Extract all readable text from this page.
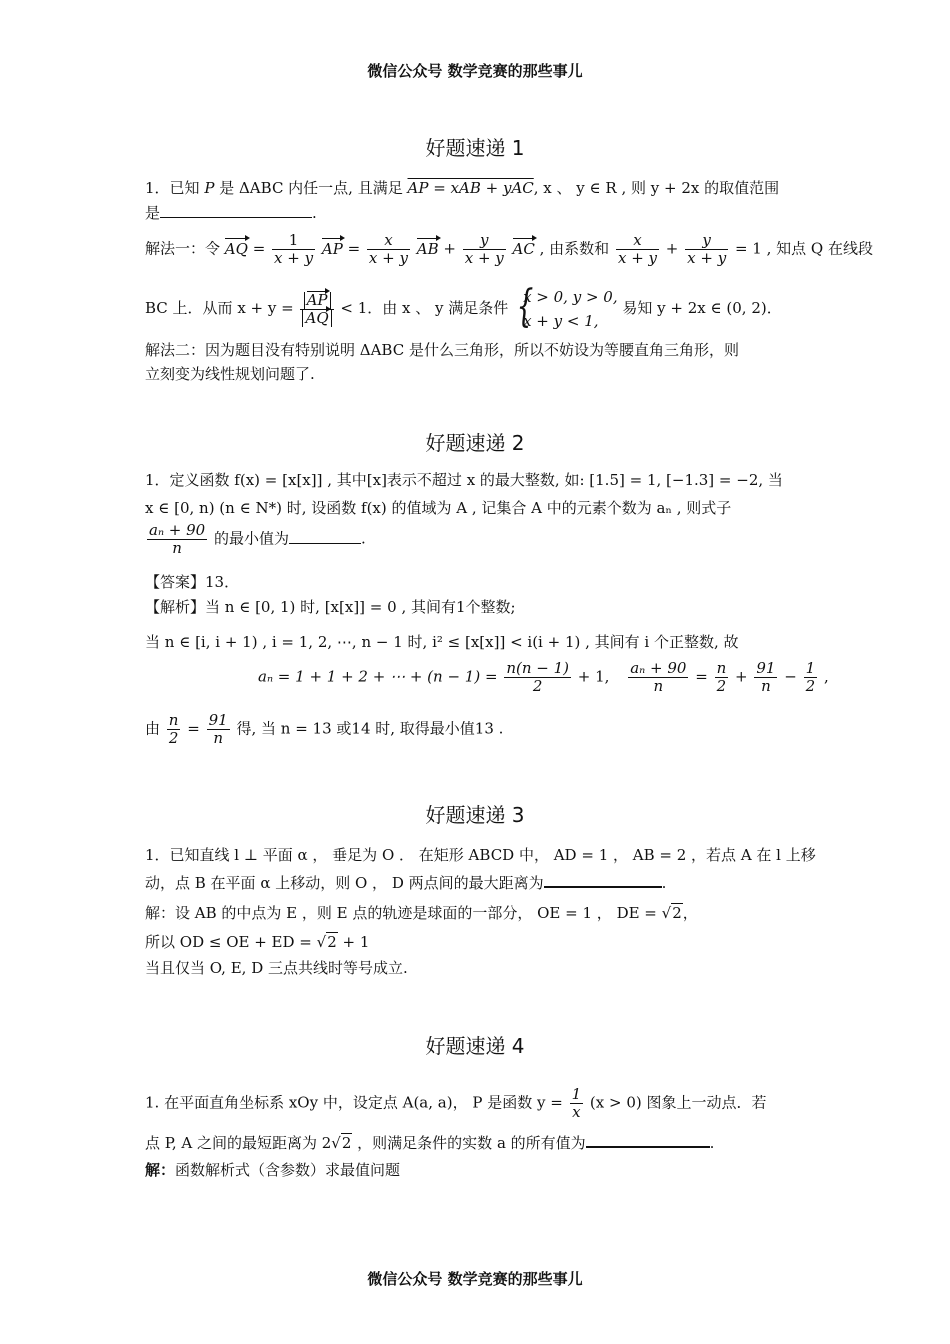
微信公众号 数学竞赛的那些事儿
好题速递 1
1．已知 P 是 ΔABC 内任一点, 且满足 AP = xAB + yAC, x 、 y ∈ R , 则 y + 2x 的取值范围
是	.
解法一：令 AQ = $\frac{1}{x + y}$ AP = $\frac{x}{x + y}$ AB + $\frac{y}{x + y}$ AC , 由系数和 $\frac{x}{x + y} + \frac{y}{x + y} = 1$ , 知点 Q 在线段
BC 上．从而 $x + y = \frac{AP}{AQ} < 1$．由 x 、 y 满足条件
{ x > 0, y > 0,
x + y < 1,
易知 y + 2x ∈ (0, 2)．
解法二：因为题目没有特别说明 ΔABC 是什么三角形，所以不妨设为等腰直角三角形，则
立刻变为线性规划问题了.
好题速递 2
1．定义函数 f(x) = [x[x]] , 其中[x]表示不超过 x 的最大整数, 如: [1.5] = 1, [−1.3] = −2, 当
x ∈ [0, n) (n ∈ N*) 时, 设函数 f(x) 的值域为 A , 记集合 A 中的元素个数为 aₙ , 则式子
$\frac{\text{aₙ + 90}}{n}$ 的最小值为	.
【答案】13．
【解析】当 n ∈ [0, 1) 时, [x[x]] = 0 , 其间有1个整数;
当 n ∈ [i, i + 1) , i = 1, 2, ⋯, n − 1 时, i² ≤ [x[x]] < i(i + 1) , 其间有 i 个正整数, 故
aₙ = 1 + 1 + 2 + ⋯ + $(n - 1) = \frac{n(n - 1)}{2} + 1$, $\frac{\text{aₙ + 90}}{n} = \frac{n}{2} + \frac{91}{n} - \frac{1}{2}$ ,
由 $\frac{n}{2} = \frac{91}{n}$ 得, 当 n = 13 或14 时, 取得最小值13 .
好题速递 3
1．已知直线 l ⊥ 平面 α ， 垂足为 O ． 在矩形 ABCD 中， AD = 1 ， AB = 2 ，若点 A 在 l 上移
动，点 B 在平面 α 上移动，则 O ， D 两点间的最大距离为	.
解：设 AB 的中点为 E ，则 E 点的轨迹是球面的一部分， OE = 1 ， DE = √2，
所以 OD ≤ OE + ED = √2 + 1
当且仅当 O, E, D 三点共线时等号成立.
好题速递 4
1. 在平面直角坐标系 xOy 中，设定点 A(a, a)， P 是函数 $y = \frac{1}{x} (x > 0)$ 图象上一动点．若
点 P, A 之间的最短距离为 2√2 ，则满足条件的实数 a 的所有值为	.
解：函数解析式（含参数）求最值问题
微信公众号 数学竞赛的那些事儿
